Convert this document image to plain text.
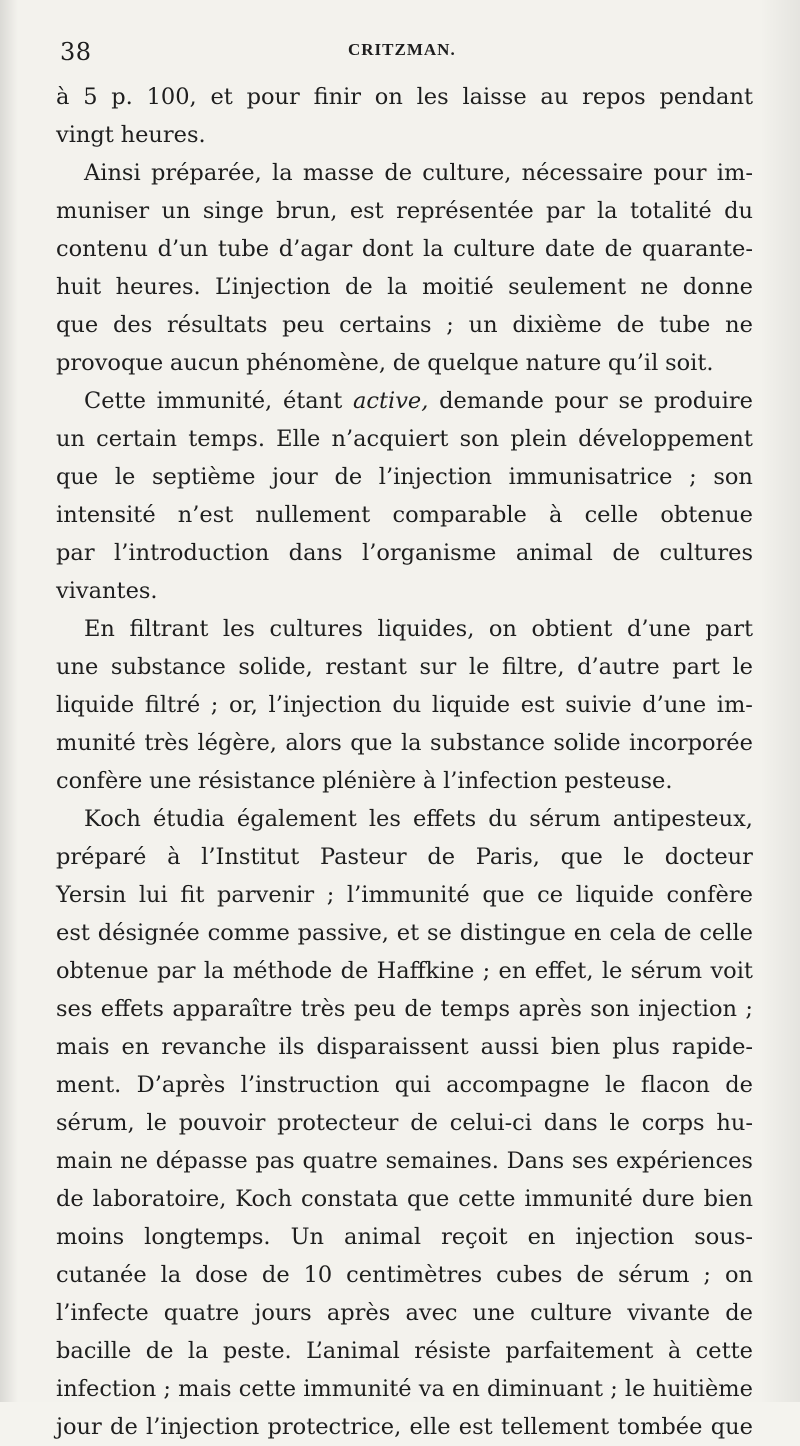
38	CRITZMAN.
à 5 p. 100, et pour finir on les laisse au repos pendant
vingt heures.
Ainsi préparée, la masse de culture, nécessaire pour im-
muniser un singe brun, est représentée par la totalité du
contenu d’un tube d’agar dont la culture date de quarante-
huit heures. L’injection de la moitié seulement ne donne
que des résultats peu certains ; un dixième de tube ne
provoque aucun phénomène, de quelque nature qu’il soit.
Cette immunité, étant active, demande pour se produire
un certain temps. Elle n’acquiert son plein développement
que le septième jour de l’injection immunisatrice ; son
intensité n’est nullement comparable à celle obtenue
par l’introduction dans l’organisme animal de cultures
vivantes.
En filtrant les cultures liquides, on obtient d’une part
une substance solide, restant sur le filtre, d’autre part le
liquide filtré ; or, l’injection du liquide est suivie d’une im-
munité très légère, alors que la substance solide incorporée
confère une résistance plénière à l’infection pesteuse.
Koch étudia également les effets du sérum antipesteux,
préparé à l’Institut Pasteur de Paris, que le docteur
Yersin lui fit parvenir ; l’immunité que ce liquide confère
est désignée comme passive, et se distingue en cela de celle
obtenue par la méthode de Haffkine ; en effet, le sérum voit
ses effets apparaître très peu de temps après son injection ;
mais en revanche ils disparaissent aussi bien plus rapide-
ment. D’après l’instruction qui accompagne le flacon de
sérum, le pouvoir protecteur de celui-ci dans le corps hu-
main ne dépasse pas quatre semaines. Dans ses expériences
de laboratoire, Koch constata que cette immunité dure bien
moins longtemps. Un animal reçoit en injection sous-
cutanée la dose de 10 centimètres cubes de sérum ; on
l’infecte quatre jours après avec une culture vivante de
bacille de la peste. L’animal résiste parfaitement à cette
infection ; mais cette immunité va en diminuant ; le huitième
jour de l’injection protectrice, elle est tellement tombée que
